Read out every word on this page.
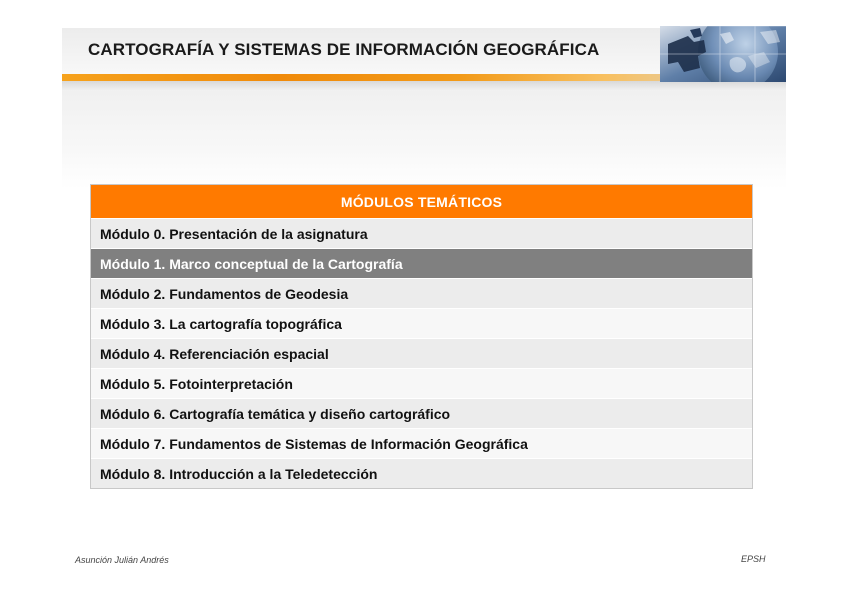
CARTOGRAFÍA Y SISTEMAS DE INFORMACIÓN GEOGRÁFICA
MÓDULOS TEMÁTICOS
Módulo 0. Presentación de la asignatura
Módulo 1. Marco conceptual de la Cartografía
Módulo 2. Fundamentos de Geodesia
Módulo 3. La cartografía topográfica
Módulo 4. Referenciación espacial
Módulo 5. Fotointerpretación
Módulo 6. Cartografía temática y diseño cartográfico
Módulo 7. Fundamentos de Sistemas de Información Geográfica
Módulo 8. Introducción a la Teledetección
Asunción Julián Andrés	EPSH
